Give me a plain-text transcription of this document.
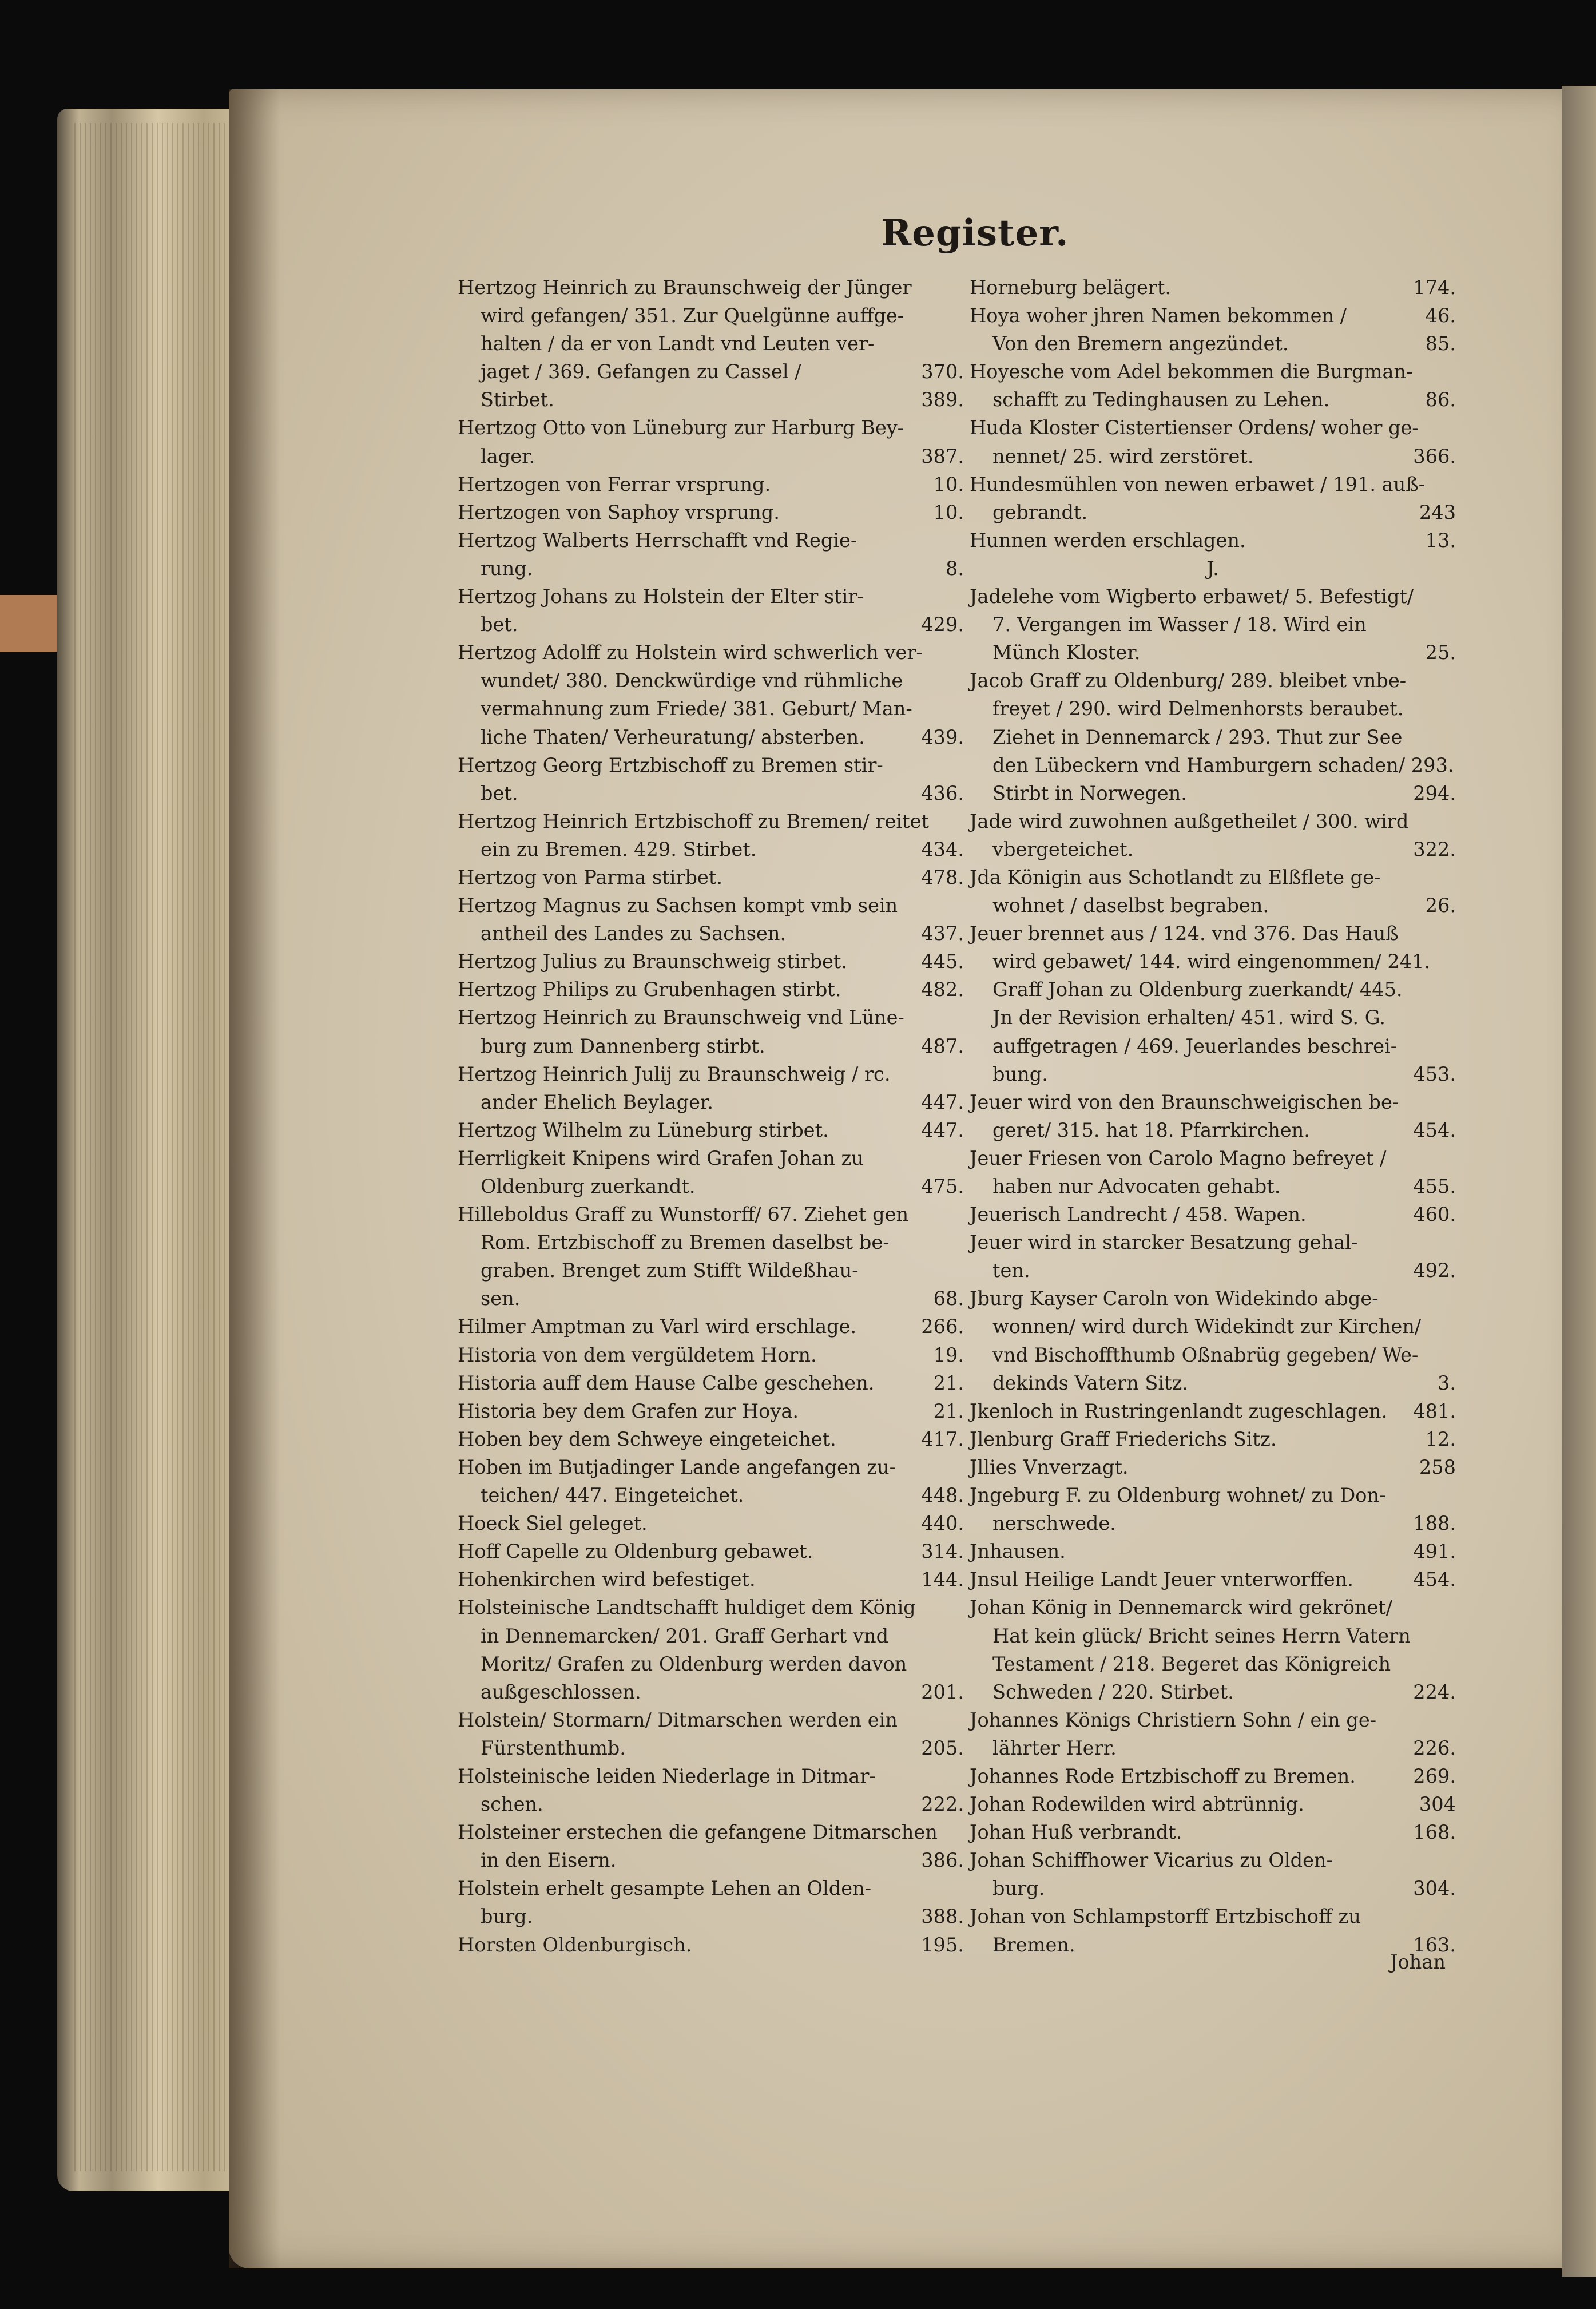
Register.
Hertzog Heinrich zu Braunschweig der Jünger
wird gefangen/ 351. Zur Quelgünne auffge-
halten / da er von Landt vnd Leuten ver-
jaget / 369. Gefangen zu Cassel /	370.
Stirbet.	389.
Hertzog Otto von Lüneburg zur Harburg Bey-
lager.	387.
Hertzogen von Ferrar vrsprung.	10.
Hertzogen von Saphoy vrsprung.	10.
Hertzog Walberts Herrschafft vnd Regie-
rung.	8.
Hertzog Johans zu Holstein der Elter stir-
bet.	429.
Hertzog Adolff zu Holstein wird schwerlich ver-
wundet/ 380. Denckwürdige vnd rühmliche
vermahnung zum Friede/ 381. Geburt/ Man-
liche Thaten/ Verheuratung/ absterben.	439.
Hertzog Georg Ertzbischoff zu Bremen stir-
bet.	436.
Hertzog Heinrich Ertzbischoff zu Bremen/ reitet
ein zu Bremen. 429. Stirbet.	434.
Hertzog von Parma stirbet.	478.
Hertzog Magnus zu Sachsen kompt vmb sein
antheil des Landes zu Sachsen.	437.
Hertzog Julius zu Braunschweig stirbet.	445.
Hertzog Philips zu Grubenhagen stirbt.	482.
Hertzog Heinrich zu Braunschweig vnd Lüne-
burg zum Dannenberg stirbt.	487.
Hertzog Heinrich Julij zu Braunschweig / rc.
ander Ehelich Beylager.	447.
Hertzog Wilhelm zu Lüneburg stirbet.	447.
Herrligkeit Knipens wird Grafen Johan zu
Oldenburg zuerkandt.	475.
Hilleboldus Graff zu Wunstorff/ 67. Ziehet gen
Rom. Ertzbischoff zu Bremen daselbst be-
graben. Brenget zum Stifft Wildeßhau-
sen.	68.
Hilmer Amptman zu Varl wird erschlage.	266.
Historia von dem vergüldetem Horn.	19.
Historia auff dem Hause Calbe geschehen.	21.
Historia bey dem Grafen zur Hoya.	21.
Hoben bey dem Schweye eingeteichet.	417.
Hoben im Butjadinger Lande angefangen zu-
teichen/ 447. Eingeteichet.	448.
Hoeck Siel geleget.	440.
Hoff Capelle zu Oldenburg gebawet.	314.
Hohenkirchen wird befestiget.	144.
Holsteinische Landtschafft huldiget dem König
in Dennemarcken/ 201. Graff Gerhart vnd
Moritz/ Grafen zu Oldenburg werden davon
außgeschlossen.	201.
Holstein/ Stormarn/ Ditmarschen werden ein
Fürstenthumb.	205.
Holsteinische leiden Niederlage in Ditmar-
schen.	222.
Holsteiner erstechen die gefangene Ditmarschen
in den Eisern.	386.
Holstein erhelt gesampte Lehen an Olden-
burg.	388.
Horsten Oldenburgisch.	195.
Horneburg belägert.	174.
Hoya woher jhren Namen bekommen /	46.
Von den Bremern angezündet.	85.
Hoyesche vom Adel bekommen die Burgman-
schafft zu Tedinghausen zu Lehen.	86.
Huda Kloster Cistertienser Ordens/ woher ge-
nennet/ 25. wird zerstöret.	366.
Hundesmühlen von newen erbawet / 191. auß-
gebrandt.	243
Hunnen werden erschlagen.	13.
J.
Jadelehe vom Wigberto erbawet/ 5. Befestigt/
7. Vergangen im Wasser / 18. Wird ein
Münch Kloster.	25.
Jacob Graff zu Oldenburg/ 289. bleibet vnbe-
freyet / 290. wird Delmenhorsts beraubet.
Ziehet in Dennemarck / 293. Thut zur See
den Lübeckern vnd Hamburgern schaden/ 293.
Stirbt in Norwegen.	294.
Jade wird zuwohnen außgetheilet / 300. wird
vbergeteichet.	322.
Jda Königin aus Schotlandt zu Elßflete ge-
wohnet / daselbst begraben.	26.
Jeuer brennet aus / 124. vnd 376. Das Hauß
wird gebawet/ 144. wird eingenommen/ 241.
Graff Johan zu Oldenburg zuerkandt/ 445.
Jn der Revision erhalten/ 451. wird S. G.
auffgetragen / 469. Jeuerlandes beschrei-
bung.	453.
Jeuer wird von den Braunschweigischen be-
geret/ 315. hat 18. Pfarrkirchen.	454.
Jeuer Friesen von Carolo Magno befreyet /
haben nur Advocaten gehabt.	455.
Jeuerisch Landrecht / 458. Wapen.	460.
Jeuer wird in starcker Besatzung gehal-
ten.	492.
Jburg Kayser Caroln von Widekindo abge-
wonnen/ wird durch Widekindt zur Kirchen/
vnd Bischoffthumb Oßnabrüg gegeben/ We-
dekinds Vatern Sitz.	3.
Jkenloch in Rustringenlandt zugeschlagen. 481.
Jlenburg Graff Friederichs Sitz.	12.
Jllies Vnverzagt.	258
Jngeburg F. zu Oldenburg wohnet/ zu Don-
nerschwede.	188.
Jnhausen.	491.
Jnsul Heilige Landt Jeuer vnterworffen.	454.
Johan König in Dennemarck wird gekrönet/
Hat kein glück/ Bricht seines Herrn Vatern
Testament / 218. Begeret das Königreich
Schweden / 220. Stirbet.	224.
Johannes Königs Christiern Sohn / ein ge-
lährter Herr.	226.
Johannes Rode Ertzbischoff zu Bremen.	269.
Johan Rodewilden wird abtrünnig.	304
Johan Huß verbrandt.	168.
Johan Schiffhower Vicarius zu Olden-
burg.	304.
Johan von Schlampstorff Ertzbischoff zu
Bremen.	163.
Johan
